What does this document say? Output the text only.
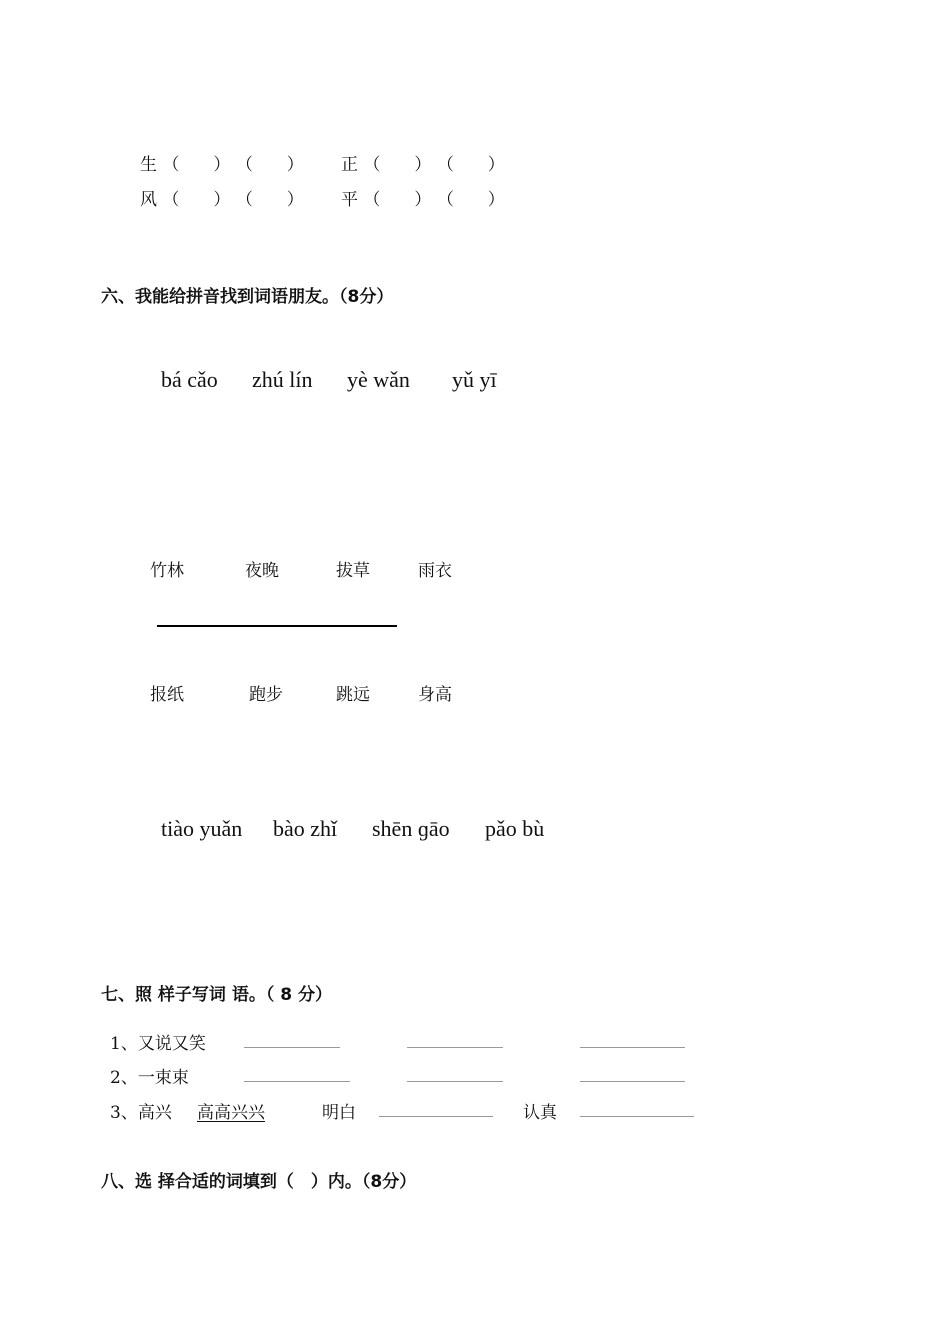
生 （　　） （　　） 正 （　　） （　　）
风 （　　） （　　） 平 （　　） （　　）
六、我能给拼音找到词语朋友。（8分）
bá cǎo zhú lín yè wǎn yǔ yī
竹林	夜晚	拔草	雨衣
报纸	跑步	跳远	身高
tiào yuǎn bào zhǐ shēn ɡāo pǎo bù
七、照 样子写词 语。（ 8 分）
1、又说又笑
2、一束束
3、高兴 高高兴兴	明白	认真
八、选 择合适的词填到（　）内。（8分）
